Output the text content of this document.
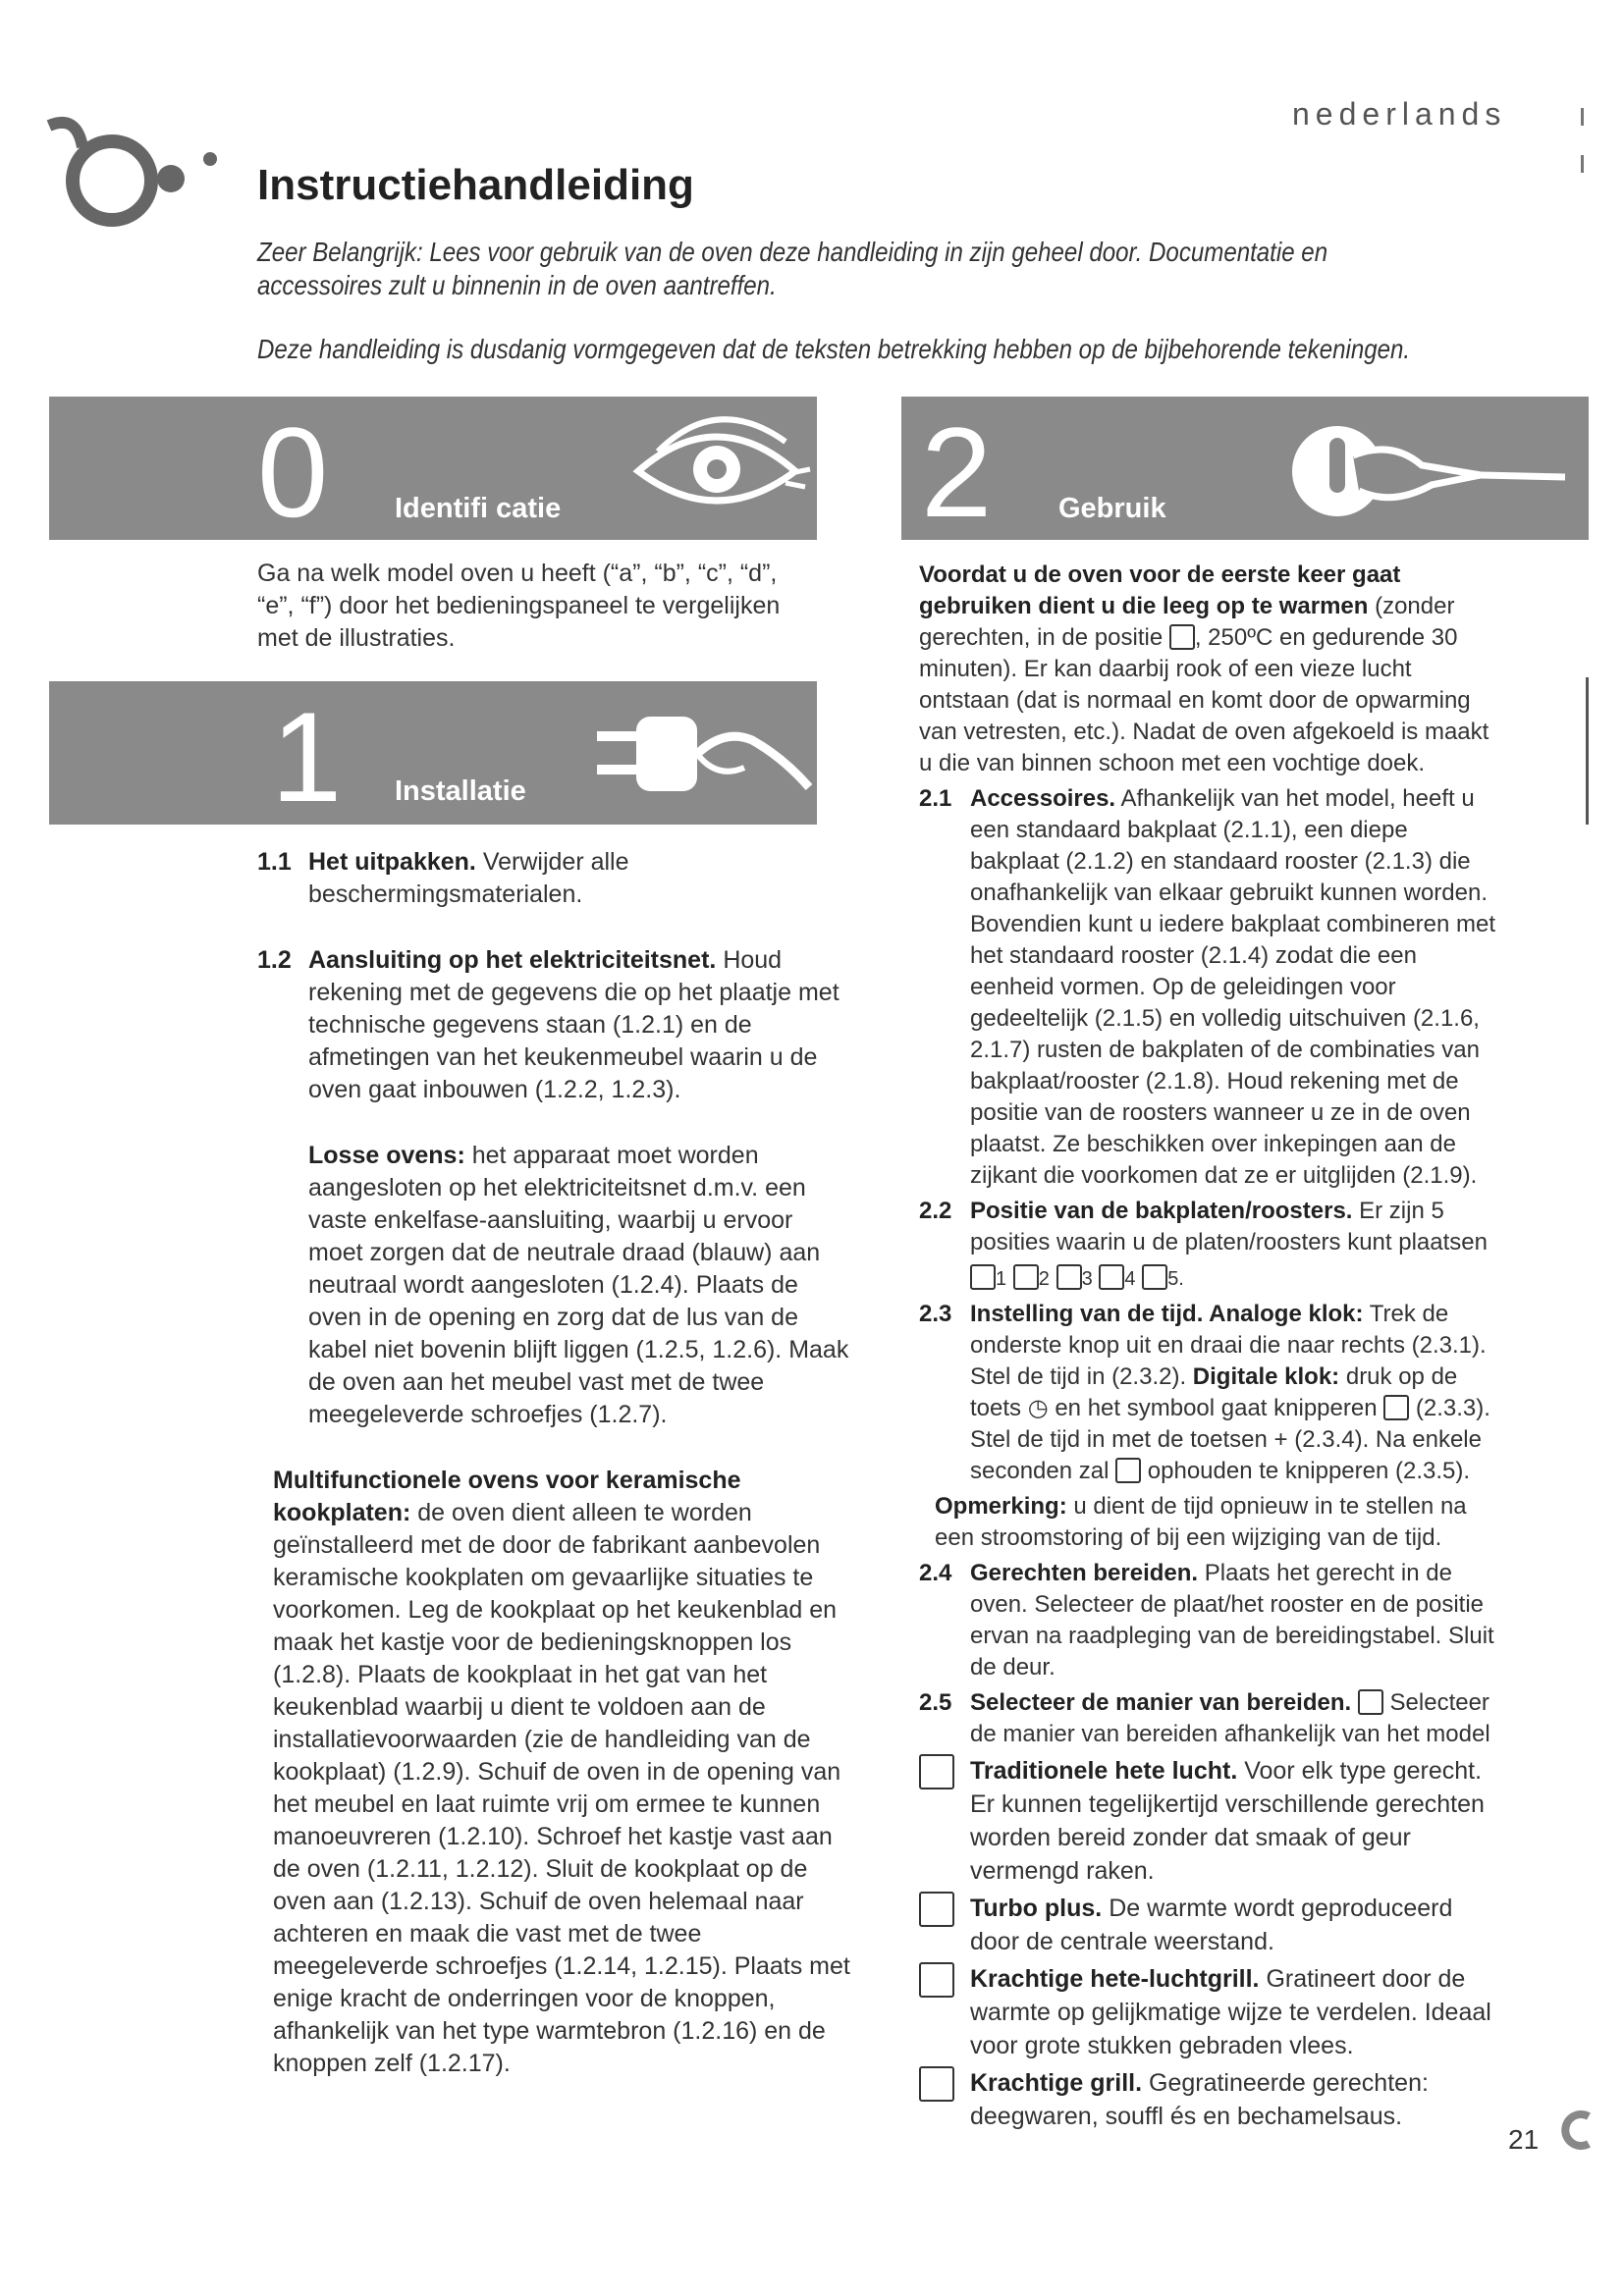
nederlands
Instructiehandleiding
Zeer Belangrijk: Lees voor gebruik van de oven deze handleiding in zijn geheel door. Documentatie en accessoires zult u binnenin in de oven aantreffen.
Deze handleiding is dusdanig vormgegeven dat de teksten betrekking hebben op de bijbehorende tekeningen.
0 Identifi catie	2 Gebruik
Ga na welk model oven u heeft (“a”, “b”, “c”, “d”, “e”, “f”) door het bedieningspaneel te vergelijken met de illustraties.
1 Installatie
1.1 Het uitpakken. Verwijder alle beschermingsmaterialen.
1.2 Aansluiting op het elektriciteitsnet. Houd rekening met de gegevens die op het plaatje met technische gegevens staan (1.2.1) en de afmetingen van het keukenmeubel waarin u de oven gaat inbouwen (1.2.2, 1.2.3).
Losse ovens: het apparaat moet worden aangesloten op het elektriciteitsnet d.m.v. een vaste enkelfase-aansluiting, waarbij u ervoor moet zorgen dat de neutrale draad (blauw) aan neutraal wordt aangesloten (1.2.4). Plaats de oven in de opening en zorg dat de lus van de kabel niet bovenin blijft liggen (1.2.5, 1.2.6). Maak de oven aan het meubel vast met de twee meegeleverde schroefjes (1.2.7).
Multifunctionele ovens voor keramische kookplaten: de oven dient alleen te worden geïnstalleerd met de door de fabrikant aanbevolen keramische kookplaten om gevaarlijke situaties te voorkomen. Leg de kookplaat op het keukenblad en maak het kastje voor de bedieningsknoppen los (1.2.8). Plaats de kookplaat in het gat van het keukenblad waarbij u dient te voldoen aan de installatievoorwaarden (zie de handleiding van de kookplaat) (1.2.9). Schuif de oven in de opening van het meubel en laat ruimte vrij om ermee te kunnen manoeuvreren (1.2.10). Schroef het kastje vast aan de oven (1.2.11, 1.2.12). Sluit de kookplaat op de oven aan (1.2.13). Schuif de oven helemaal naar achteren en maak die vast met de twee meegeleverde schroefjes (1.2.14, 1.2.15). Plaats met enige kracht de onderringen voor de knoppen, afhankelijk van het type warmtebron (1.2.16) en de knoppen zelf (1.2.17).
Voordat u de oven voor de eerste keer gaat gebruiken dient u die leeg op te warmen (zonder gerechten, in de positie , 250ºC en gedurende 30 minuten). Er kan daarbij rook of een vieze lucht ontstaan (dat is normaal en komt door de opwarming van vetresten, etc.). Nadat de oven afgekoeld is maakt u die van binnen schoon met een vochtige doek.
2.1 Accessoires. Afhankelijk van het model, heeft u een standaard bakplaat (2.1.1), een diepe bakplaat (2.1.2) en standaard rooster (2.1.3) die onafhankelijk van elkaar gebruikt kunnen worden. Bovendien kunt u iedere bakplaat combineren met het standaard rooster (2.1.4) zodat die een eenheid vormen. Op de geleidingen voor gedeeltelijk (2.1.5) en volledig uitschuiven (2.1.6, 2.1.7) rusten de bakplaten of de combinaties van bakplaat/rooster (2.1.8). Houd rekening met de positie van de roosters wanneer u ze in de oven plaatst. Ze beschikken over inkepingen aan de zijkant die voorkomen dat ze er uitglijden (2.1.9).
2.2 Positie van de bakplaten/roosters. Er zijn 5 posities waarin u de platen/roosters kunt plaatsen 1 2 3 4 5.
2.3 Instelling van de tijd. Analoge klok: Trek de onderste knop uit en draai die naar rechts (2.3.1). Stel de tijd in (2.3.2). Digitale klok: druk op de toets ◷ en het symbool gaat knipperen (2.3.3). Stel de tijd in met de toetsen + (2.3.4). Na enkele seconden zal ophouden te knipperen (2.3.5).
Opmerking: u dient de tijd opnieuw in te stellen na een stroomstoring of bij een wijziging van de tijd.
2.4 Gerechten bereiden. Plaats het gerecht in de oven. Selecteer de plaat/het rooster en de positie ervan na raadpleging van de bereidingstabel. Sluit de deur.
2.5 Selecteer de manier van bereiden. Selecteer de manier van bereiden afhankelijk van het model
Traditionele hete lucht. Voor elk type gerecht. Er kunnen tegelijkertijd verschillende gerechten worden bereid zonder dat smaak of geur vermengd raken.
Turbo plus. De warmte wordt geproduceerd door de centrale weerstand.
Krachtige hete-luchtgrill. Gratineert door de warmte op gelijkmatige wijze te verdelen. Ideaal voor grote stukken gebraden vlees.
Krachtige grill. Gegratineerde gerechten: deegwaren, souffl és en bechamelsaus.
21
